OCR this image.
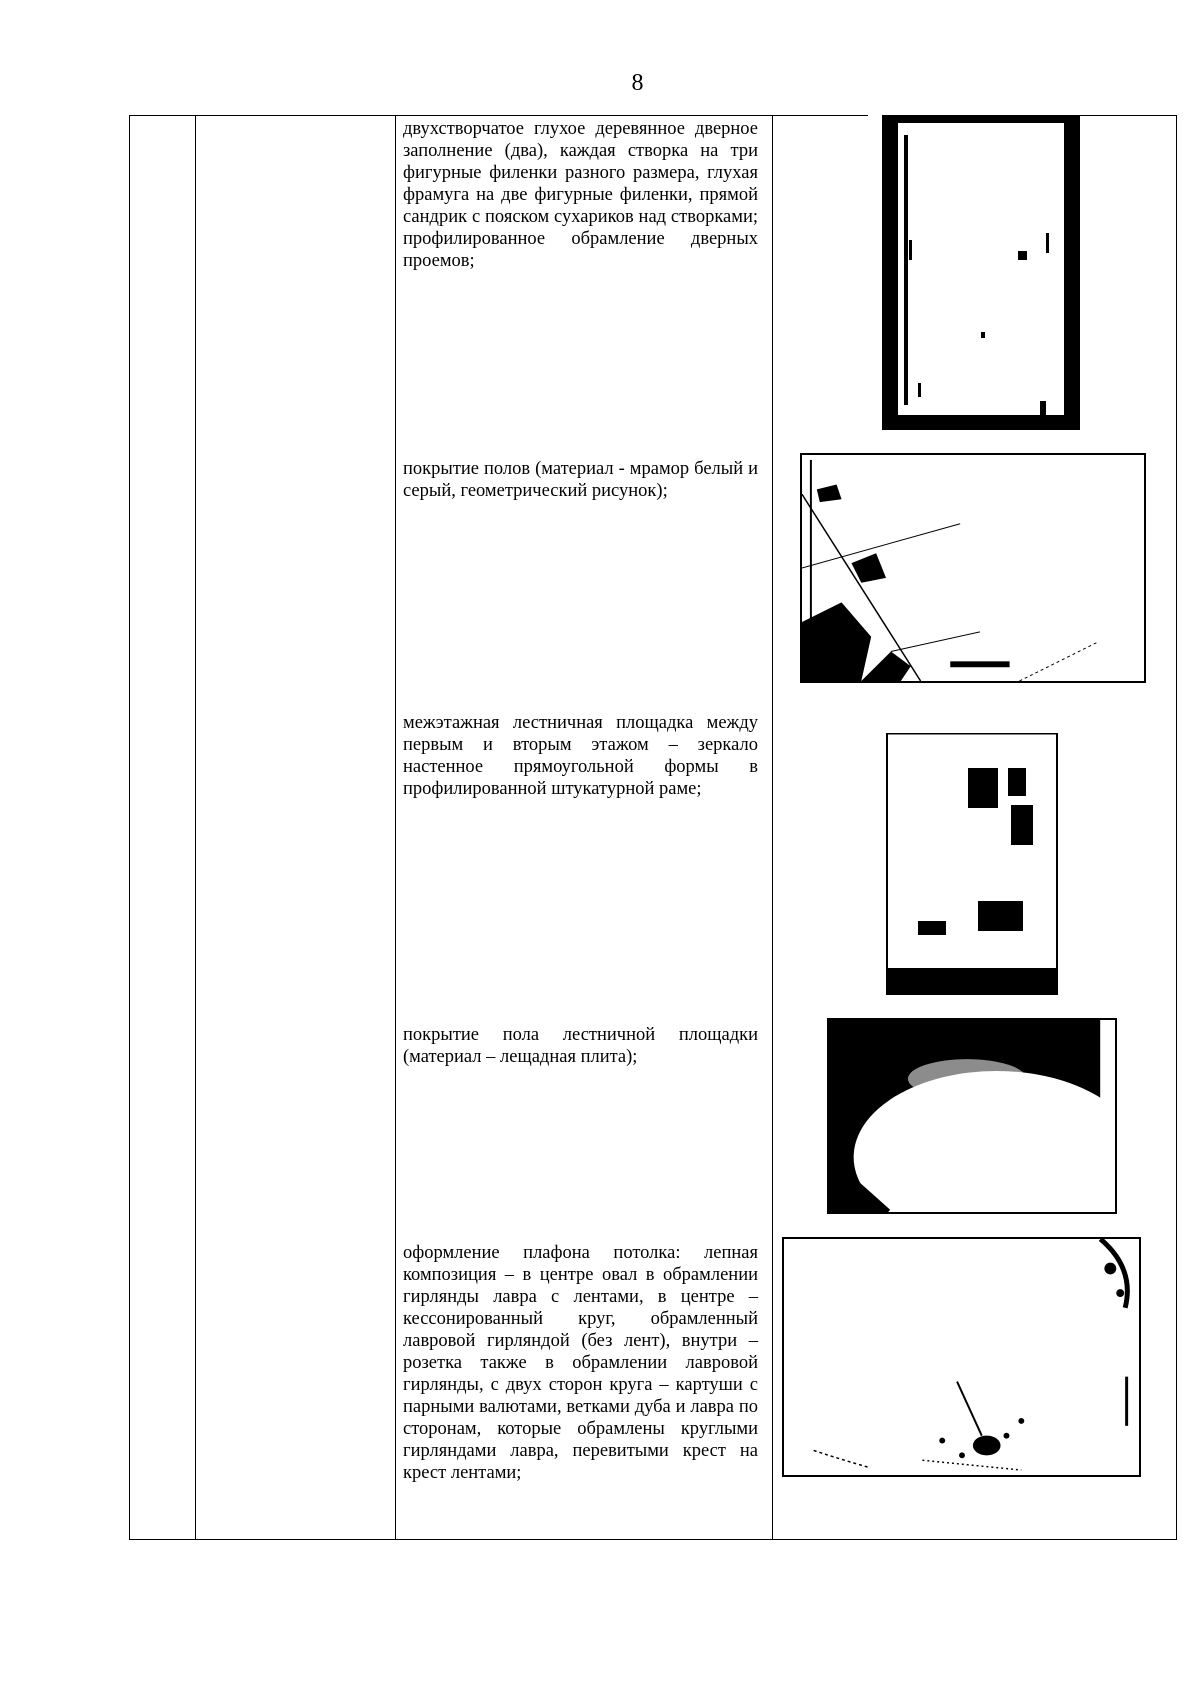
8
двухстворчатое глухое деревянное дверное заполнение (два), каждая створка на три фигурные филенки разного размера, глухая фрамуга на две фигурные филенки, прямой сандрик с пояском сухариков над створками; профилированное обрамление дверных проемов;
покрытие полов (материал - мрамор белый и серый, геометрический рисунок);
межэтажная лестничная площадка между первым и вторым этажом – зеркало настенное прямоугольной формы в профилированной штукатурной раме;
покрытие пола лестничной площадки (материал – лещадная плита);
оформление плафона потолка: лепная композиция – в центре овал в обрамлении гирлянды лавра с лентами, в центре – кессонированный круг, обрамленный лавровой гирляндой (без лент), внутри – розетка также в обрамлении лавровой гирлянды, с двух сторон круга – картуши с парными валютами, ветками дуба и лавра по сторонам, которые обрамлены круглыми гирляндами лавра, перевитыми крест на крест лентами;
